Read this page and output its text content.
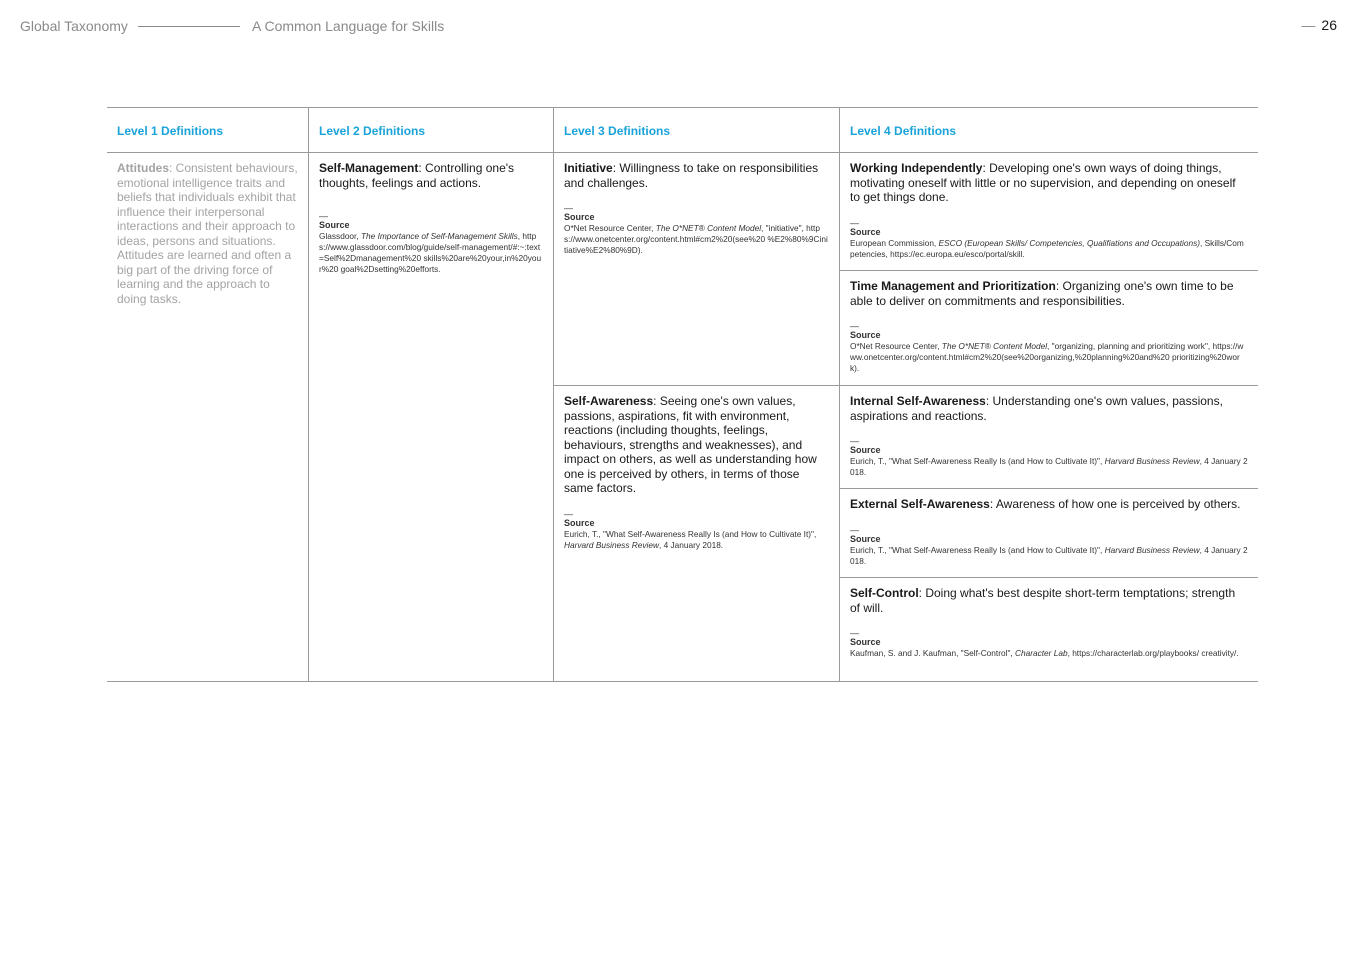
Global Taxonomy	A Common Language for Skills	— 26
Level 1 Definitions

Attitudes: Consistent behaviours, emotional intelligence traits and beliefs that individuals exhibit that influence their interpersonal interactions and their approach to ideas, persons and situations. Attitudes are learned and often a big part of the driving force of learning and the approach to doing tasks.

Level 2 Definitions

Self-Management: Controlling one's thoughts, feelings and actions.

—
Source
Glassdoor, The Importance of Self-Management Skills, https://www.glassdoor.com/blog/guide/self-management/#:~:text=Self%2Dmanagement%20 skills%20are%20your,in%20your%20 goal%2Dsetting%20efforts.
Level 3 Definitions

Initiative: Willingness to take on responsibilities and challenges.

—
Source
O*Net Resource Center, The O*NET® Content Model, "initiative", https://www.onetcenter.org/content.html#cm2%20(see%20 %E2%80%9Cinitiative%E2%80%9D).

Self-Awareness: Seeing one's own values, passions, aspirations, fit with environment, reactions (including thoughts, feelings, behaviours, strengths and weaknesses), and impact on others, as well as understanding how one is perceived by others, in terms of those same factors.

—
Source
Eurich, T., "What Self-Awareness Really Is (and How to Cultivate It)", Harvard Business Review, 4 January 2018.
Level 4 Definitions

Working Independently: Developing one's own ways of doing things, motivating oneself with little or no supervision, and depending on oneself to get things done.

—
Source
European Commission, ESCO (European Skills/ Competencies, Qualifiations and Occupations), Skills/Competencies, https://ec.europa.eu/esco/portal/skill.

Time Management and Prioritization: Organizing one's own time to be able to deliver on commitments and responsibilities.

—
Source
O*Net Resource Center, The O*NET® Content Model, "organizing, planning and prioritizing work", https://www.onetcenter.org/content.html#cm2%20(see%20organizing,%20planning%20and%20 prioritizing%20work).

Internal Self-Awareness: Understanding one's own values, passions, aspirations and reactions.

—
Source
Eurich, T., "What Self-Awareness Really Is (and How to Cultivate It)", Harvard Business Review, 4 January 2018.

External Self-Awareness: Awareness of how one is perceived by others.

—
Source
Eurich, T., "What Self-Awareness Really Is (and How to Cultivate It)", Harvard Business Review, 4 January 2018.

Self-Control: Doing what's best despite short-term temptations; strength of will.

—
Source
Kaufman, S. and J. Kaufman, "Self-Control", Character Lab, https://characterlab.org/playbooks/ creativity/.
